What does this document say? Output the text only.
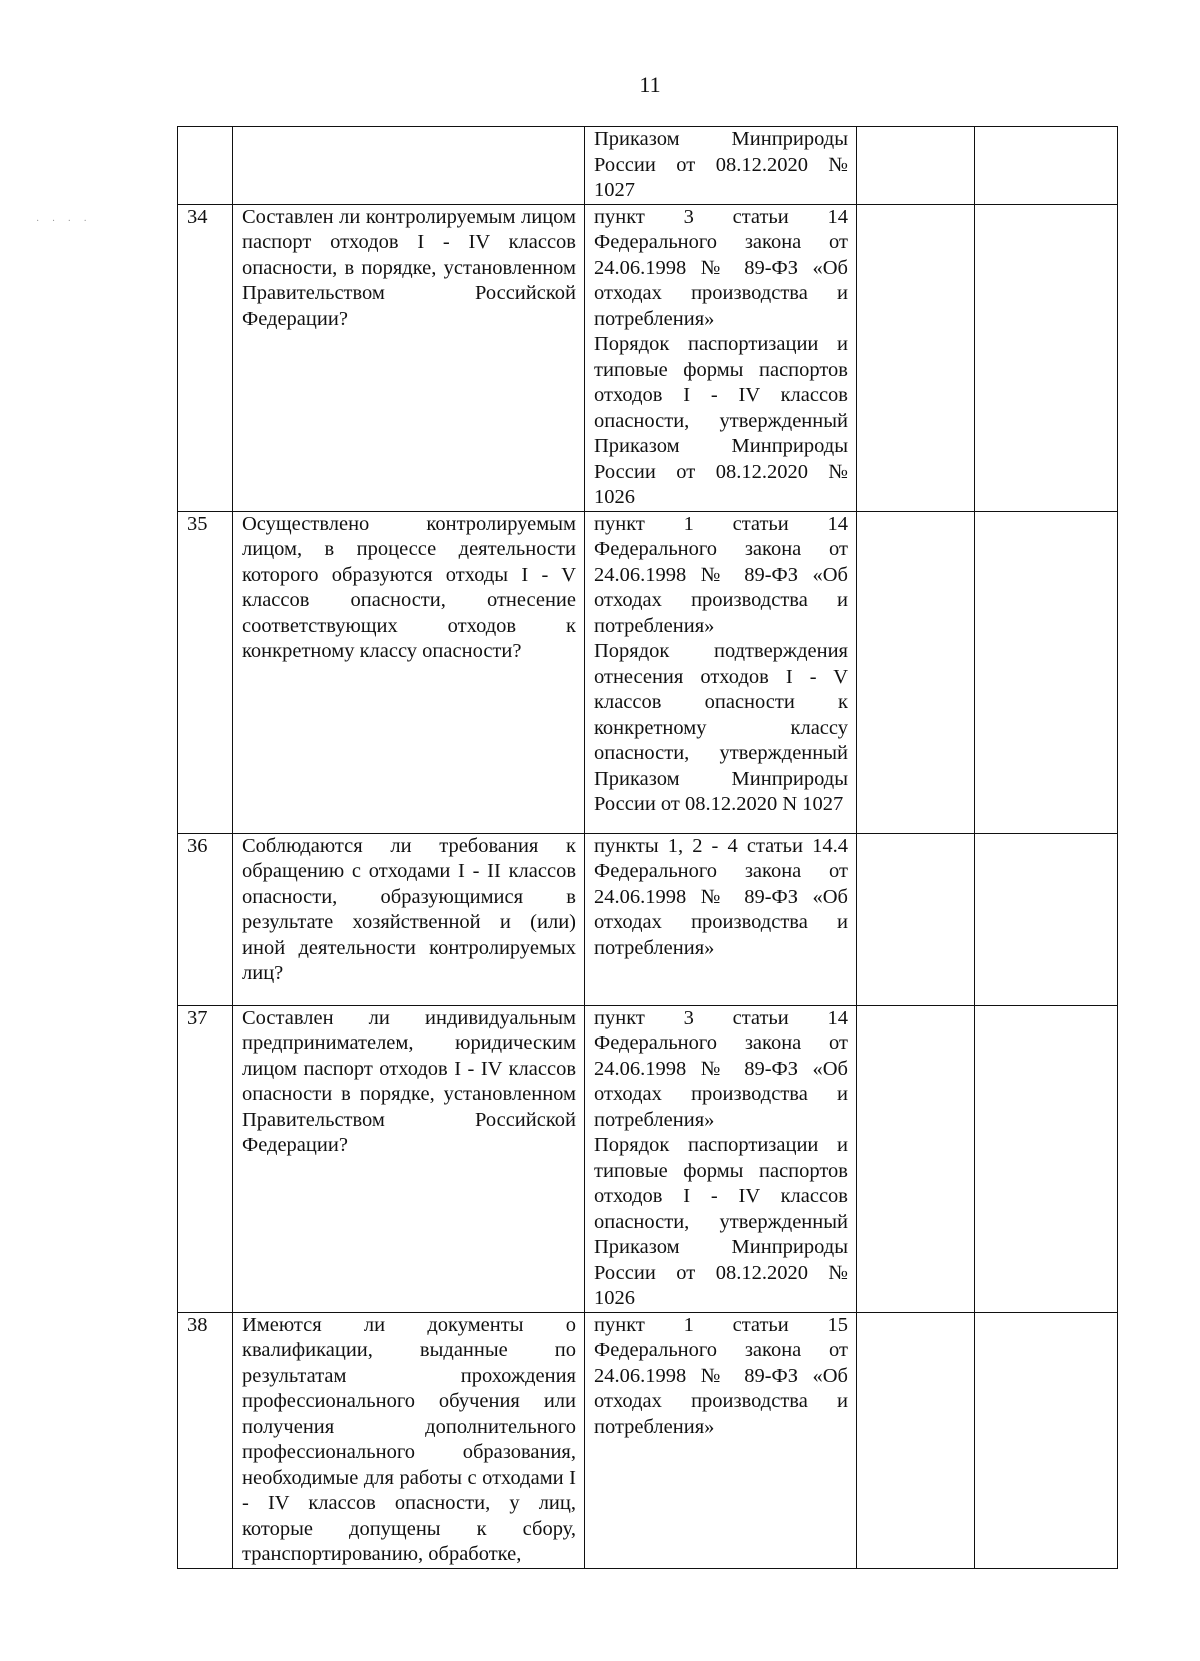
11
· · · ·

		Приказом Минприроды России от 08.12.2020 № 1027		

34	Составлен ли контролируемым лицом паспорт отходов I - IV классов опасности, в порядке, установленном Правительством Российской Федерации?	пункт 3 статьи 14 Федерального закона от 24.06.1998 № 89-ФЗ «Об отходах производства и потребления»
Порядок паспортизации и типовые формы паспортов отходов I - IV классов опасности, утвержденный Приказом Минприроды России от 08.12.2020 № 1026		

35	Осуществлено контролируемым лицом, в процессе деятельности которого образуются отходы I - V классов опасности, отнесение соответствующих отходов к конкретному классу опасности?	пункт 1 статьи 14 Федерального закона от 24.06.1998 № 89-ФЗ «Об отходах производства и потребления»
Порядок подтверждения отнесения отходов I - V классов опасности к конкретному классу опасности, утвержденный Приказом Минприроды России от 08.12.2020 N 1027		

36	Соблюдаются ли требования к обращению с отходами I - II классов опасности, образующимися в результате хозяйственной и (или) иной деятельности контролируемых лиц?	пункты 1, 2 - 4 статьи 14.4 Федерального закона от 24.06.1998 № 89-ФЗ «Об отходах производства и потребления»		

37	Составлен ли индивидуальным предпринимателем, юридическим лицом паспорт отходов I - IV классов опасности в порядке, установленном Правительством Российской Федерации?	пункт 3 статьи 14 Федерального закона от 24.06.1998 № 89-ФЗ «Об отходах производства и потребления»
Порядок паспортизации и типовые формы паспортов отходов I - IV классов опасности, утвержденный Приказом Минприроды России от 08.12.2020 № 1026		

38	Имеются ли документы о квалификации, выданные по результатам прохождения профессионального обучения или получения дополнительного профессионального образования, необходимые для работы с отходами I - IV классов опасности, у лиц, которые допущены к сбору, транспортированию, обработке,	пункт 1 статьи 15 Федерального закона от 24.06.1998 № 89-ФЗ «Об отходах производства и потребления»		
